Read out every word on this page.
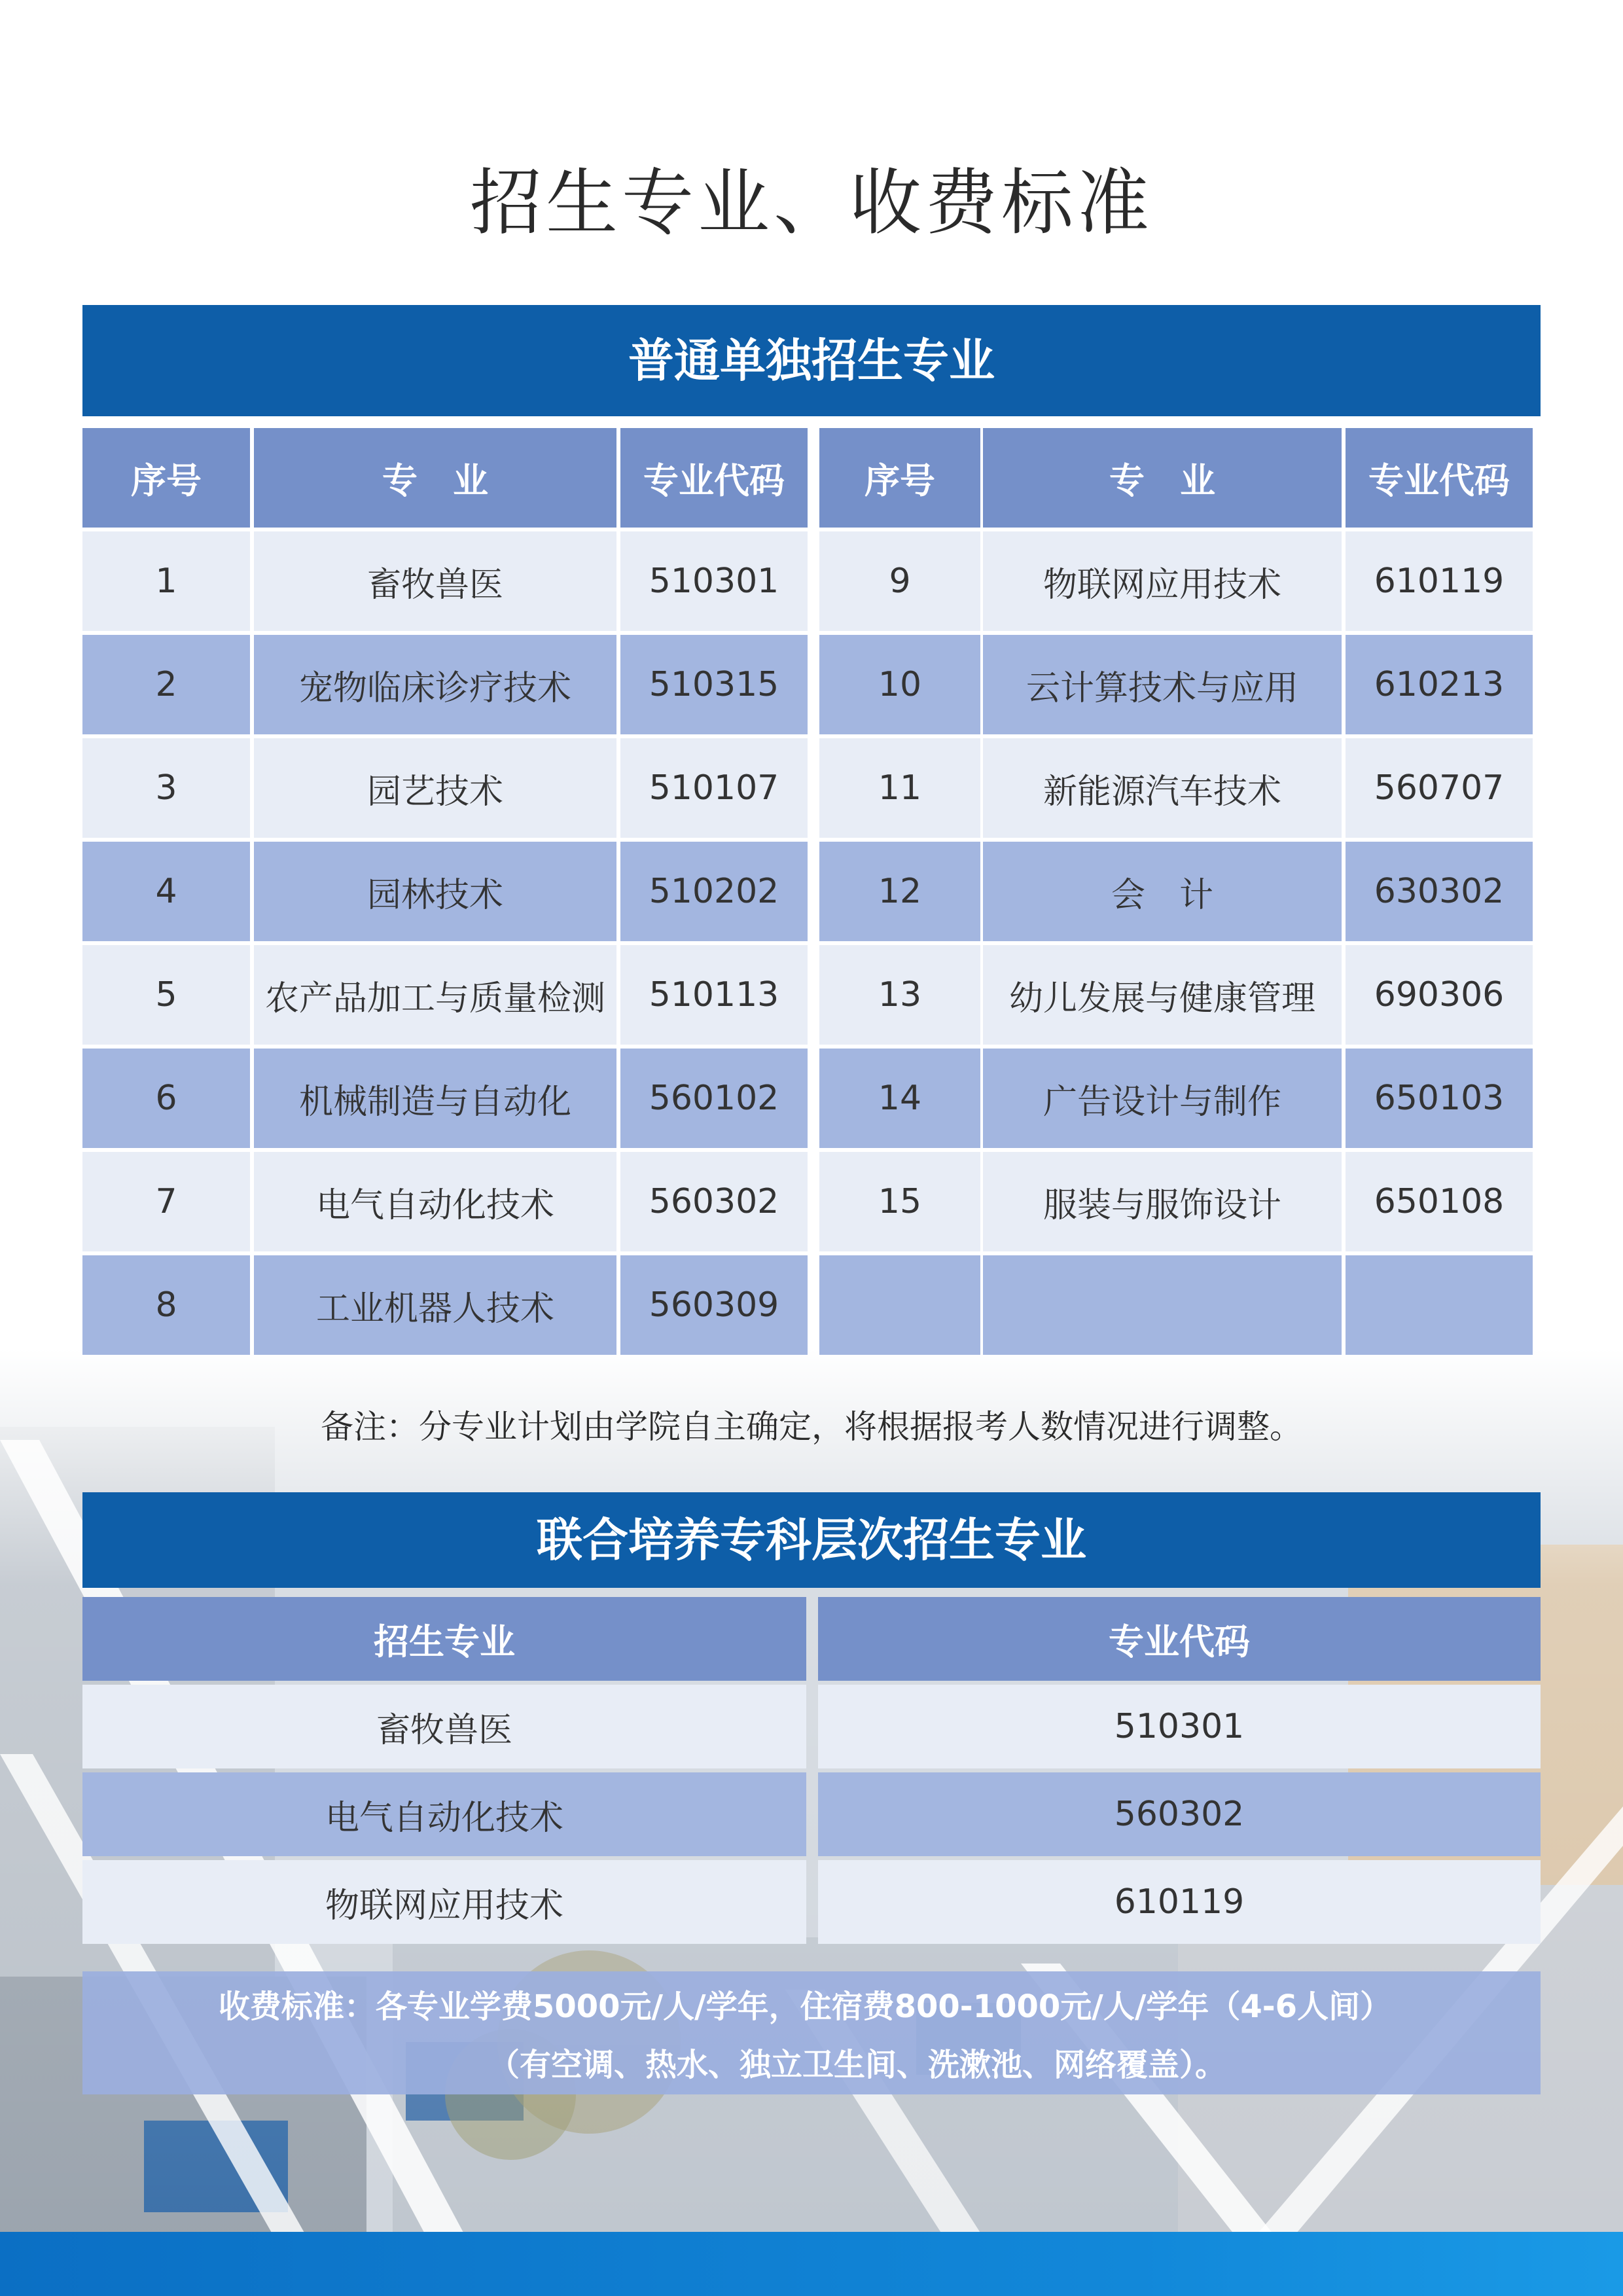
招生专业、收费标准
普通单独招生专业
序号	专　业	专业代码	序号	专　业	专业代码
1	畜牧兽医	510301	9	物联网应用技术	610119
2	宠物临床诊疗技术	510315	10	云计算技术与应用	610213
3	园艺技术	510107	11	新能源汽车技术	560707
4	园林技术	510202	12	会　计	630302
5	农产品加工与质量检测	510113	13	幼儿发展与健康管理	690306
6	机械制造与自动化	560102	14	广告设计与制作	650103
7	电气自动化技术	560302	15	服装与服饰设计	650108
8	工业机器人技术	560309
备注：分专业计划由学院自主确定，将根据报考人数情况进行调整。
联合培养专科层次招生专业
招生专业	专业代码
畜牧兽医	510301
电气自动化技术	560302
物联网应用技术	610119
收费标准：各专业学费5000元/人/学年，住宿费800-1000元/人/学年（4-6人间）
（有空调、热水、独立卫生间、洗漱池、网络覆盖）。
